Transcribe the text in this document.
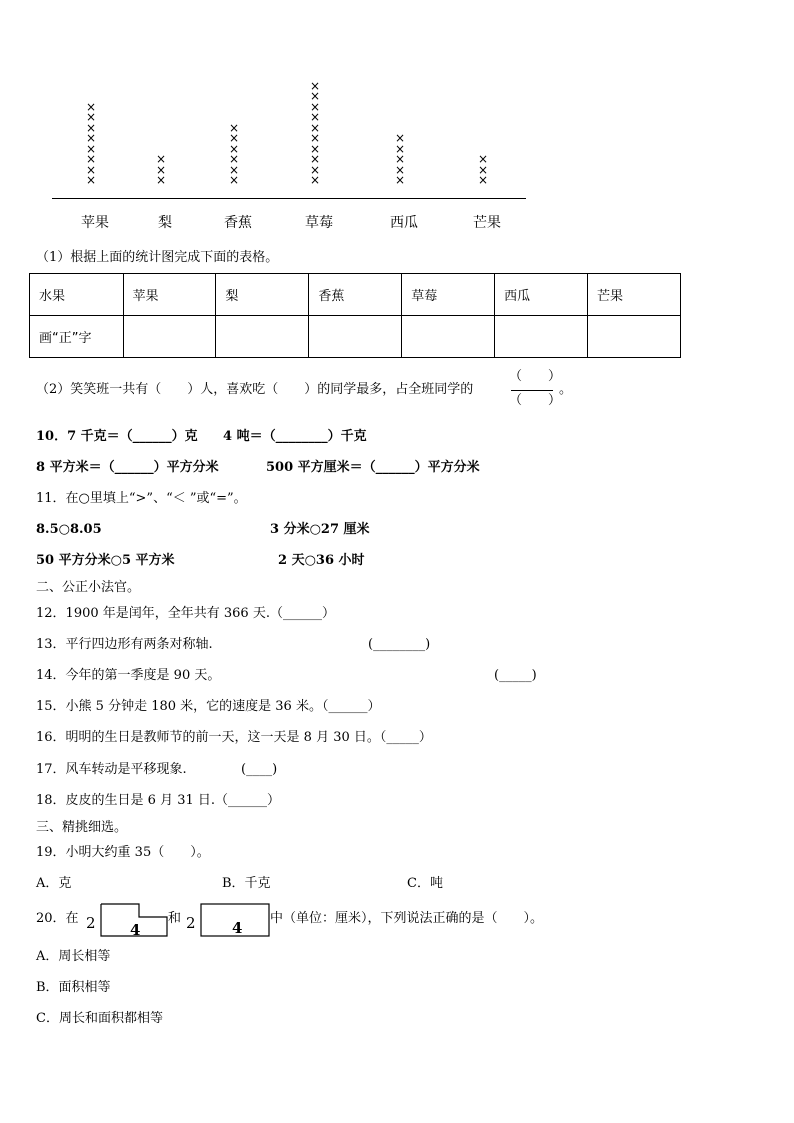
×
×
×
×
×
×
×
×
苹果
×
×
×
梨
×
×
×
×
×
×
香蕉
×
×
×
×
×
×
×
×
×
×
草莓
×
×
×
×
×
西瓜
×
×
×
芒果
（1）根据上面的统计图完成下面的表格。
水果	苹果	梨	香蕉	草莓	西瓜	芒果
画“正”字						
（2）笑笑班一共有（　　）人，喜欢吃（　　）的同学最多，占全班同学的
（　　）
（　　）
。
10．7 千克＝（______）克 4 吨＝（________）千克
8 平方米＝（______）平方分米	500 平方厘米＝（______）平方分米
11．在○里填上“>”、“＜ ”或“=”。
8.5○8.05	3 分米○27 厘米
50 平方分米○5 平方米	2 天○36 小时
二、公正小法官。
12．1900 年是闰年，全年共有 366 天.（______）
13．平行四边形有两条对称轴.	(________)
14．今年的第一季度是 90 天。	(_____)
15．小熊 5 分钟走 180 米，它的速度是 36 米。（______）
16．明明的生日是教师节的前一天，这一天是 8 月 30 日。（_____）
17．风车转动是平移现象.	(____)
18．皮皮的生日是 6 月 31 日.（______）
三、精挑细选。
19．小明大约重 35（　　）。
A．克	B．千克	C．吨
20．在 2 4
和 2 4
中（单位：厘米），下列说法正确的是（　　）。
A．周长相等
B．面积相等
C．周长和面积都相等
